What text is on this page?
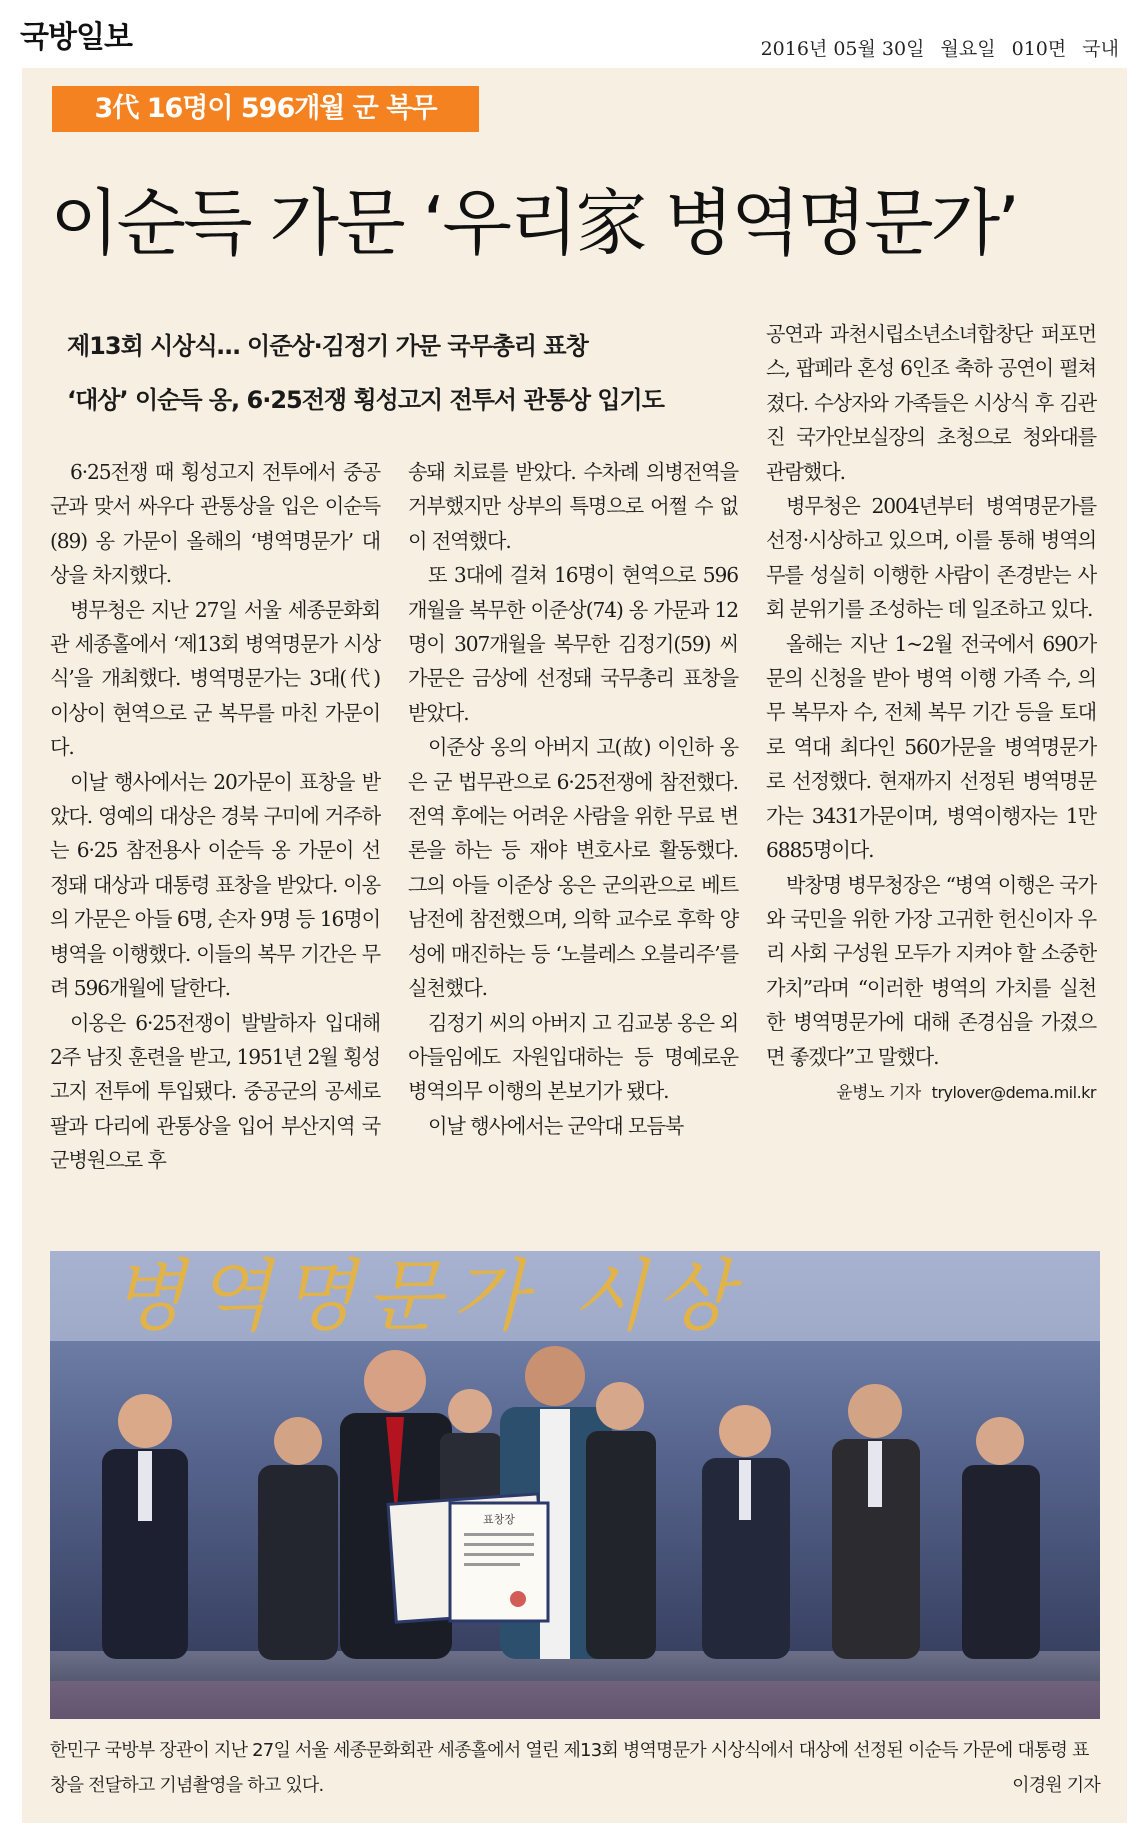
국방일보	2016년 05월 30일 월요일 010면 국내
3代 16명이 596개월 군 복무
이순득 가문 ‘우리家 병역명문가’
제13회 시상식… 이준상·김정기 가문 국무총리 표창
‘대상’ 이순득 옹, 6·25전쟁 횡성고지 전투서 관통상 입기도

6·25전쟁 때 횡성고지 전투에서 중공군과 맞서 싸우다 관통상을 입은 이순득(89) 옹 가문이 올해의 ‘병역명문가’ 대상을 차지했다.

병무청은 지난 27일 서울 세종문화회관 세종홀에서 ‘제13회 병역명문가 시상식’을 개최했다. 병역명문가는 3대(代) 이상이 현역으로 군 복무를 마친 가문이다.

이날 행사에서는 20가문이 표창을 받았다. 영예의 대상은 경북 구미에 거주하는 6·25 참전용사 이순득 옹 가문이 선정돼 대상과 대통령 표창을 받았다. 이옹의 가문은 아들 6명, 손자 9명 등 16명이 병역을 이행했다. 이들의 복무 기간은 무려 596개월에 달한다.

이옹은 6·25전쟁이 발발하자 입대해 2주 남짓 훈련을 받고, 1951년 2월 횡성고지 전투에 투입됐다. 중공군의 공세로 팔과 다리에 관통상을 입어 부산지역 국군병원으로 후

송돼 치료를 받았다. 수차례 의병전역을 거부했지만 상부의 특명으로 어쩔 수 없이 전역했다.

또 3대에 걸쳐 16명이 현역으로 596개월을 복무한 이준상(74) 옹 가문과 12명이 307개월을 복무한 김정기(59) 씨 가문은 금상에 선정돼 국무총리 표창을 받았다.

이준상 옹의 아버지 고(故) 이인하 옹은 군 법무관으로 6·25전쟁에 참전했다. 전역 후에는 어려운 사람을 위한 무료 변론을 하는 등 재야 변호사로 활동했다. 그의 아들 이준상 옹은 군의관으로 베트남전에 참전했으며, 의학 교수로 후학 양성에 매진하는 등 ‘노블레스 오블리주’를 실천했다.

김정기 씨의 아버지 고 김교봉 옹은 외아들임에도 자원입대하는 등 명예로운 병역의무 이행의 본보기가 됐다.

이날 행사에서는 군악대 모듬북

공연과 과천시립소년소녀합창단 퍼포먼스, 팝페라 혼성 6인조 축하 공연이 펼쳐졌다. 수상자와 가족들은 시상식 후 김관진 국가안보실장의 초청으로 청와대를 관람했다.

병무청은 2004년부터 병역명문가를 선정·시상하고 있으며, 이를 통해 병역의무를 성실히 이행한 사람이 존경받는 사회 분위기를 조성하는 데 일조하고 있다.

올해는 지난 1~2월 전국에서 690가문의 신청을 받아 병역 이행 가족 수, 의무 복무자 수, 전체 복무 기간 등을 토대로 역대 최다인 560가문을 병역명문가로 선정했다. 현재까지 선정된 병역명문가는 3431가문이며, 병역이행자는 1만6885명이다.

박창명 병무청장은 “병역 이행은 국가와 국민을 위한 가장 고귀한 헌신이자 우리 사회 구성원 모두가 지켜야 할 소중한 가치”라며 “이러한 병역의 가치를 실천한 병역명문가에 대해 존경심을 가졌으면 좋겠다”고 말했다.

윤병노 기자 trylover@dema.mil.kr
병역명문가 시상
표창장
한민구 국방부 장관이 지난 27일 서울 세종문화회관 세종홀에서 열린 제13회 병역명문가 시상식에서 대상에 선정된 이순득 가문에 대통령 표창을 전달하고 기념촬영을 하고 있다.	이경원 기자
